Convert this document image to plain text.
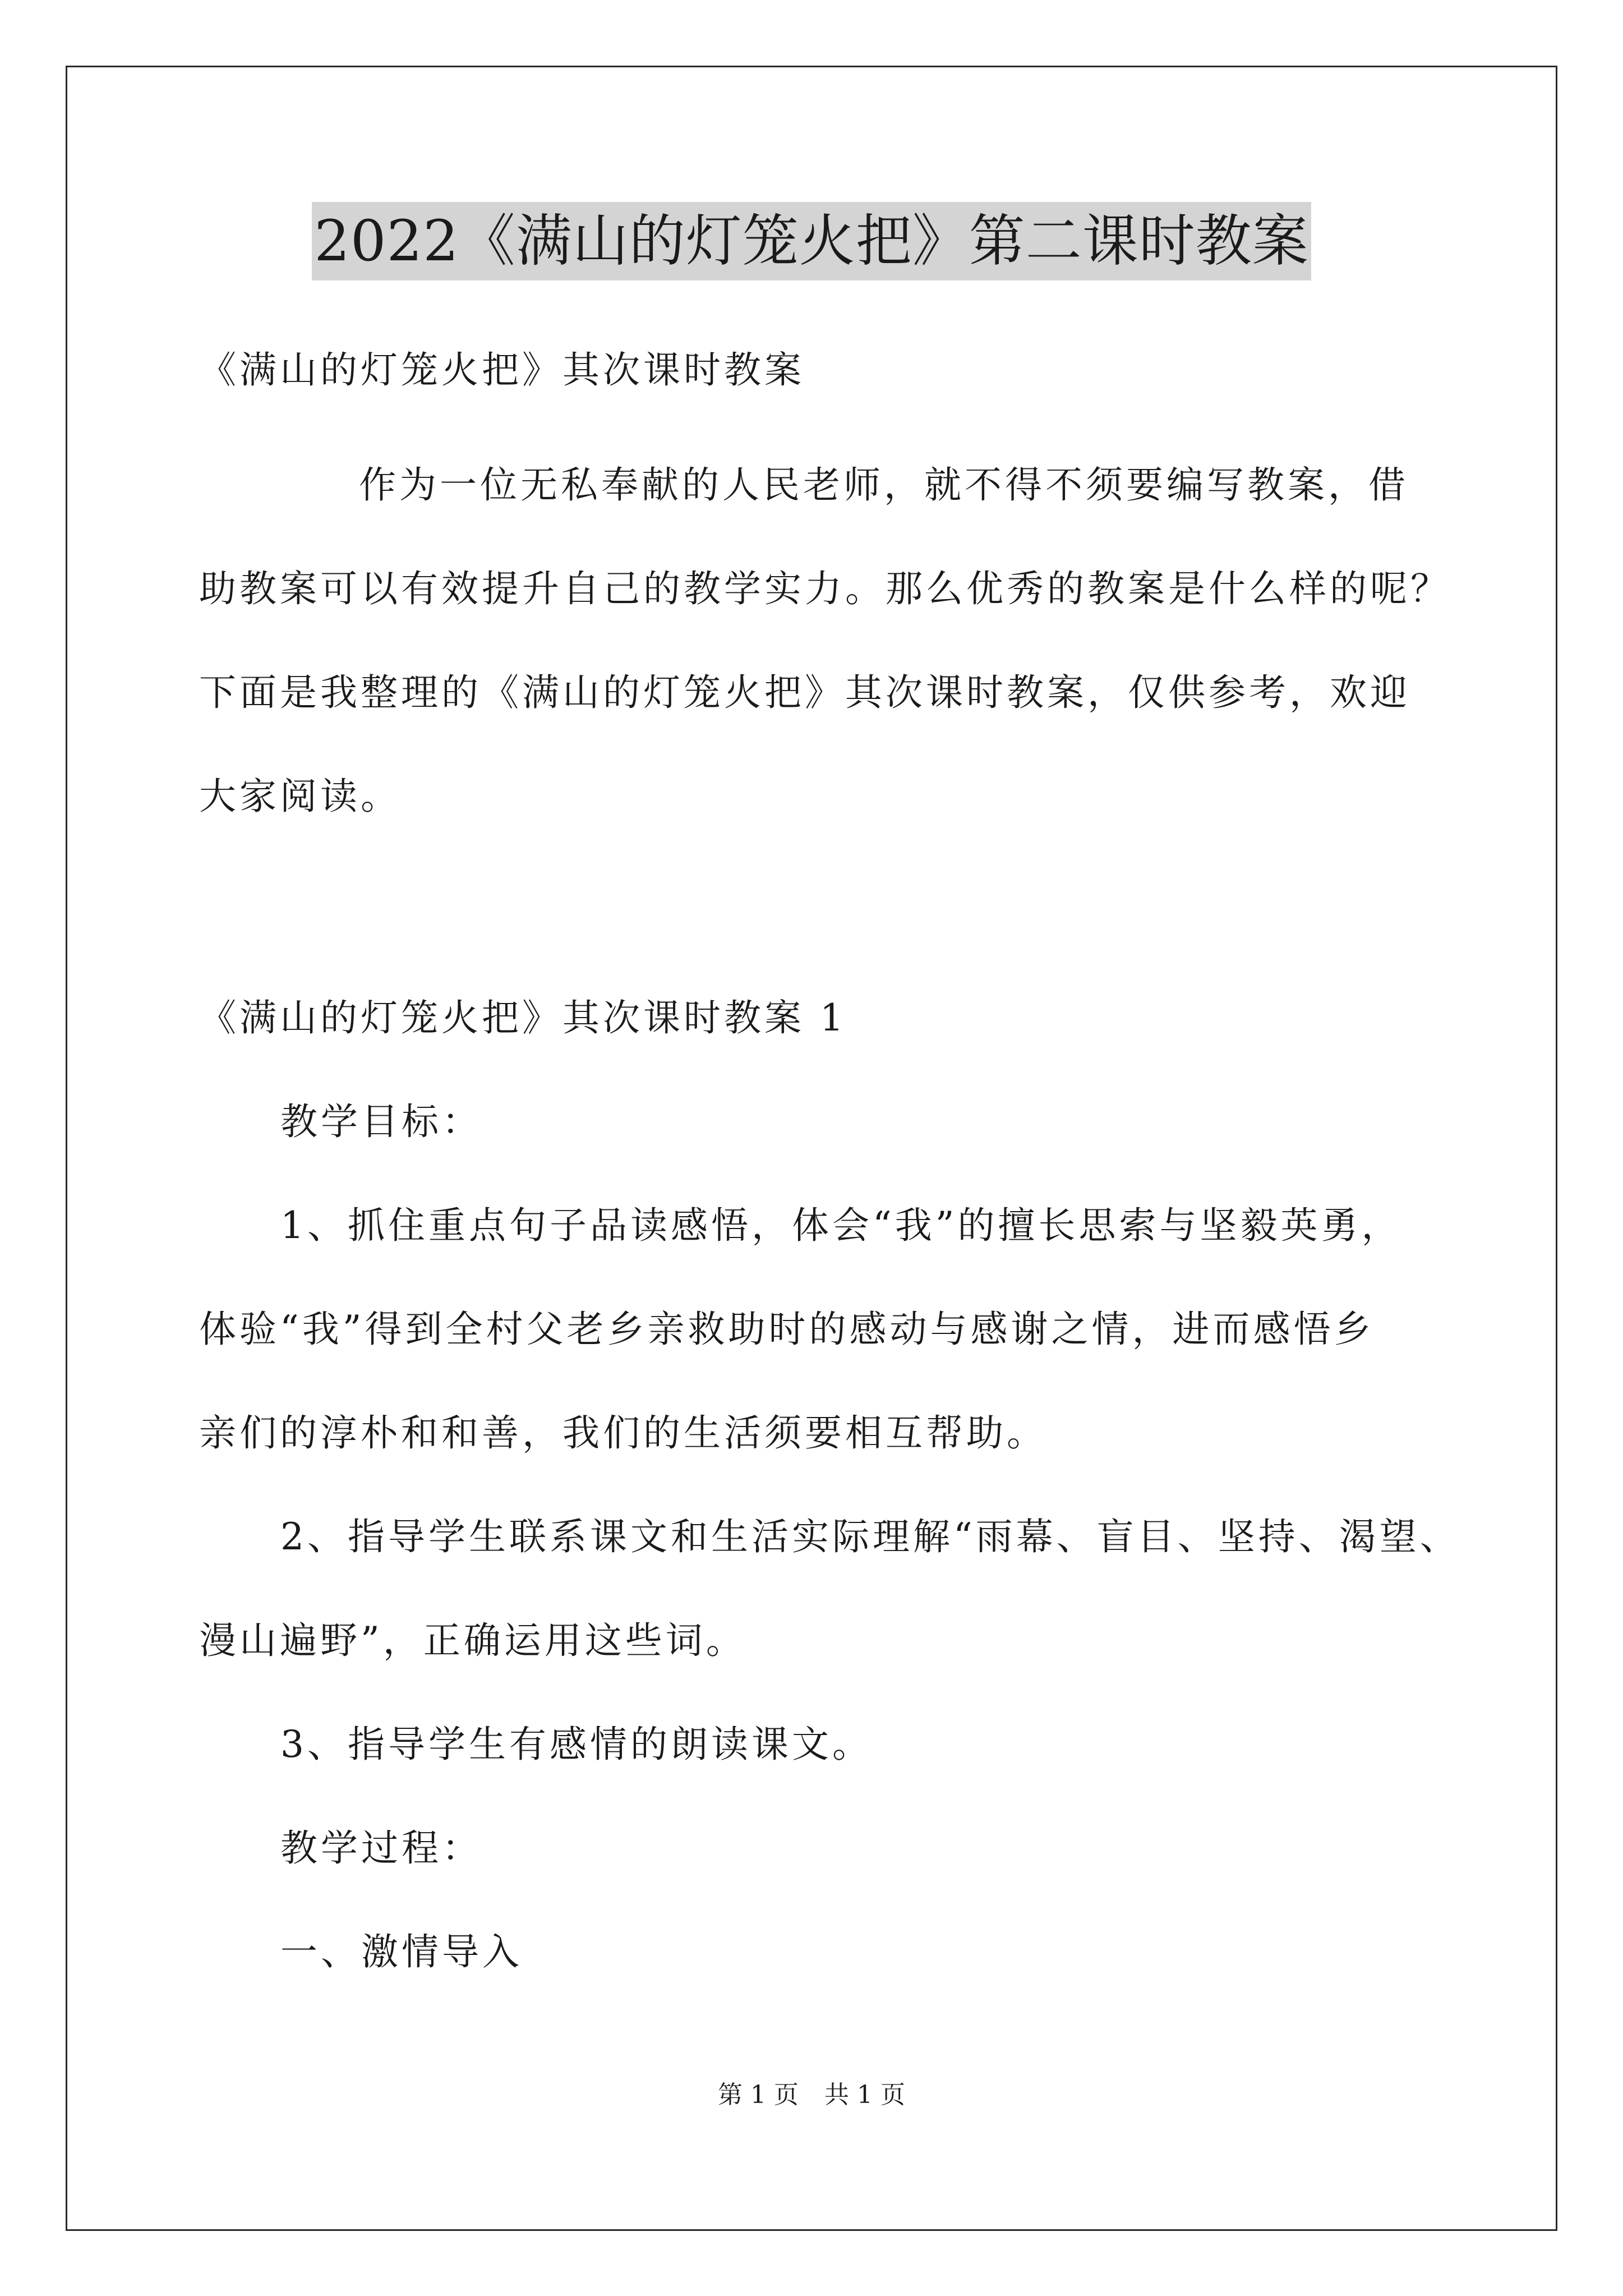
2022《满山的灯笼火把》第二课时教案
《满山的灯笼火把》其次课时教案
作为一位无私奉献的人民老师，就不得不须要编写教案，借
助教案可以有效提升自己的教学实力。那么优秀的教案是什么样的呢？
下面是我整理的《满山的灯笼火把》其次课时教案，仅供参考，欢迎
大家阅读。
《满山的灯笼火把》其次课时教案 1
教学目标：
1、抓住重点句子品读感悟，体会“我”的擅长思索与坚毅英勇，
体验“我”得到全村父老乡亲救助时的感动与感谢之情，进而感悟乡
亲们的淳朴和和善，我们的生活须要相互帮助。
2、指导学生联系课文和生活实际理解“雨幕、盲目、坚持、渴望、
漫山遍野”，正确运用这些词。
3、指导学生有感情的朗读课文。
教学过程：
一、激情导入
第 1 页 共 1 页
